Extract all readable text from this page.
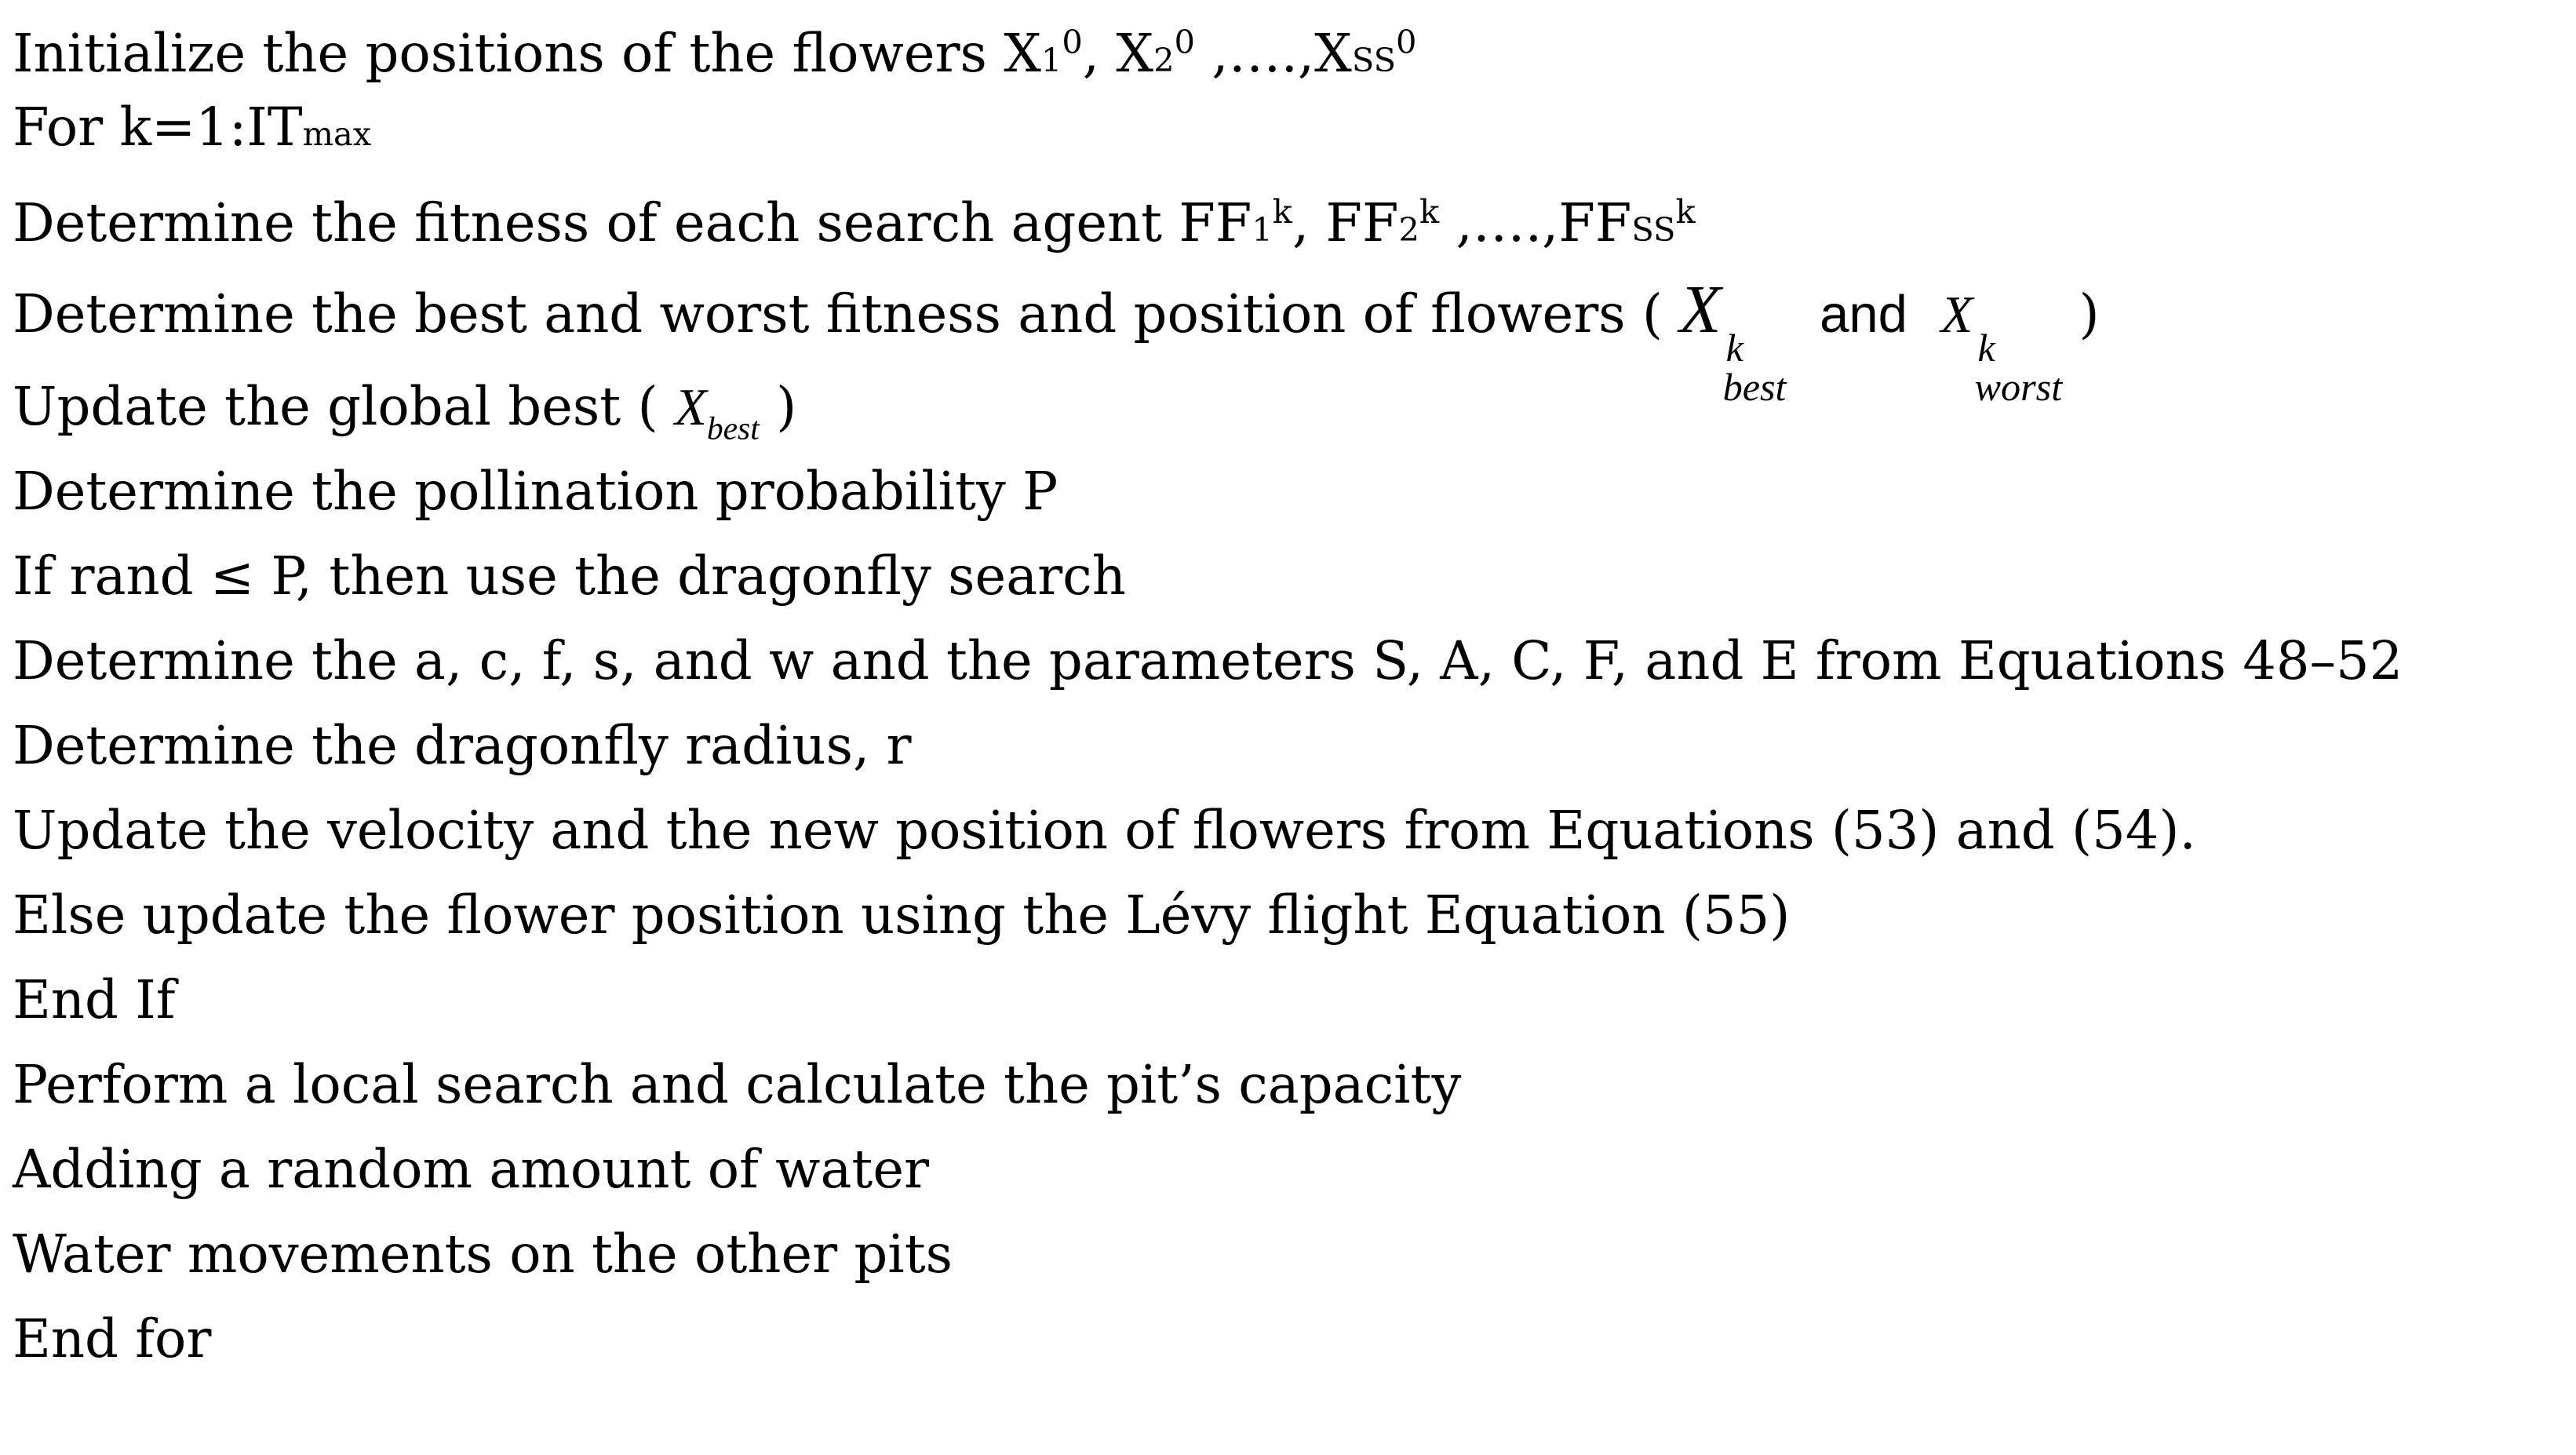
Initialize the positions of the flowers $X1^0$, $X2^0$ ,….,XSS$^0$
For k=1:ITmax
Determine the fitness of each search agent FF1$^k$, FF2$^k$ ,….,FFSS$^k$
Determine the best and worst fitness and position of flowers ( X
k
best
and X
k
worst
)
Update the global best ( $X_{best}$ )
Determine the pollination probability P
If rand ≤ P, then use the dragonfly search
Determine the a, c, f, s, and w and the parameters S, A, C, F, and E from Equations 48–52
Determine the dragonfly radius, r
Update the velocity and the new position of flowers from Equations (53) and (54).
Else update the flower position using the Lévy flight Equation (55)
End If
Perform a local search and calculate the pit’s capacity
Adding a random amount of water
Water movements on the other pits
End for
